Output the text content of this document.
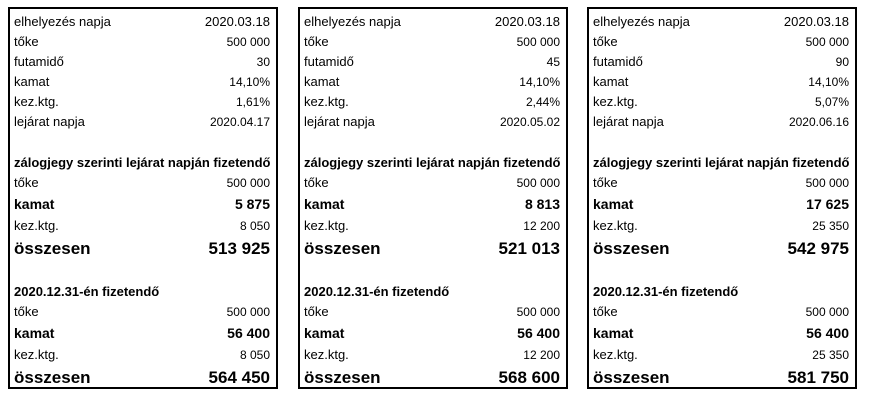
elhelyezés napja	2020.03.18
tőke	500 000
futamidő	30
kamat	14,10%
kez.ktg.	1,61%
lejárat napja	2020.04.17
zálogjegy szerinti lejárat napján fizetendő
tőke	500 000
kamat	5 875
kez.ktg.	8 050
összesen	513 925
2020.12.31-én fizetendő
tőke	500 000
kamat	56 400
kez.ktg.	8 050
összesen	564 450
elhelyezés napja	2020.03.18
tőke	500 000
futamidő	45
kamat	14,10%
kez.ktg.	2,44%
lejárat napja	2020.05.02
zálogjegy szerinti lejárat napján fizetendő
tőke	500 000
kamat	8 813
kez.ktg.	12 200
összesen	521 013
2020.12.31-én fizetendő
tőke	500 000
kamat	56 400
kez.ktg.	12 200
összesen	568 600
elhelyezés napja	2020.03.18
tőke	500 000
futamidő	90
kamat	14,10%
kez.ktg.	5,07%
lejárat napja	2020.06.16
zálogjegy szerinti lejárat napján fizetendő
tőke	500 000
kamat	17 625
kez.ktg.	25 350
összesen	542 975
2020.12.31-én fizetendő
tőke	500 000
kamat	56 400
kez.ktg.	25 350
összesen	581 750
